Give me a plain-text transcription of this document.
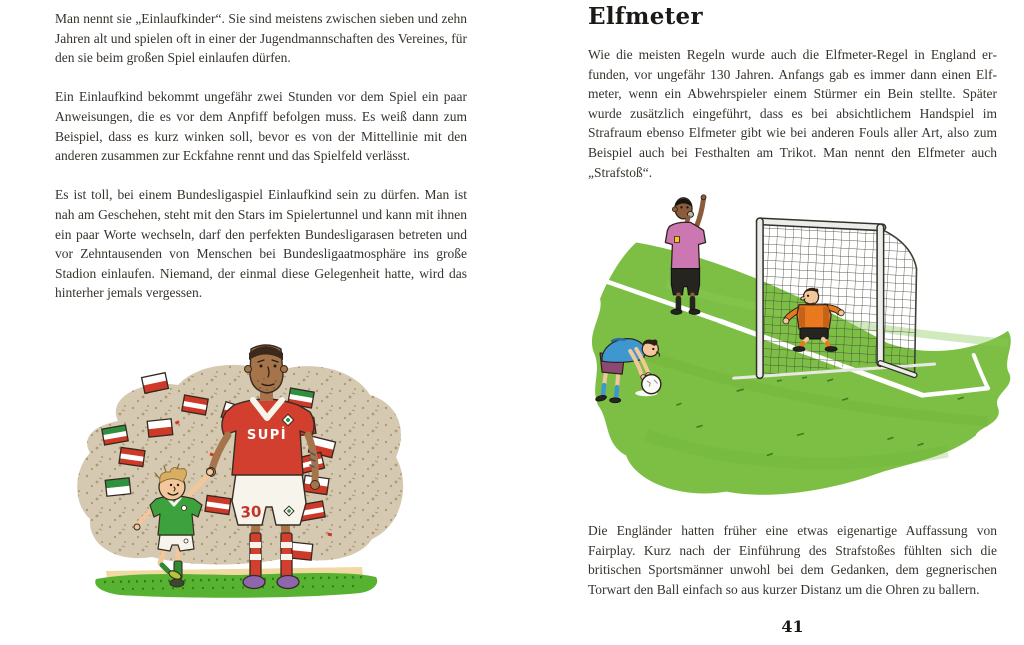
Man nennt sie „Einlaufkinder“. Sie sind meistens zwischen sieben und zehn Jahren alt und spielen oft in einer der Jugendmannschaften des Vereines, für den sie beim großen Spiel einlaufen dürfen.

Ein Einlaufkind bekommt ungefähr zwei Stunden vor dem Spiel ein paar Anweisungen, die es vor dem Anpfiff befolgen muss. Es weiß dann zum Beispiel, dass es kurz winken soll, bevor es von der Mittellinie mit den anderen zusammen zur Eckfahne rennt und das Spielfeld verlässt.

Es ist toll, bei einem Bundesligaspiel Einlaufkind sein zu dürfen. Man ist nah am Geschehen, steht mit den Stars im Spielertunnel und kann mit ihnen ein paar Worte wechseln, darf den perfekten Bundesligarasen betreten und vor Zehntausenden von Menschen bei Bundesligaatmosphäre ins große Stadion einlaufen. Niemand, der einmal diese Gelegenheit hatte, wird das hinterher jemals vergessen.

30
SUPİ
Elfmeter

Wie die meisten Regeln wurde auch die Elfmeter-Regel in England erfunden, vor ungefähr 130 Jahren. Anfangs gab es immer dann einen Elfmeter, wenn ein Abwehrspieler einem Stürmer ein Bein stellte. Später wurde zusätzlich eingeführt, dass es bei absichtlichem Handspiel im Strafraum ebenso Elfmeter gibt wie bei anderen Fouls aller Art, also zum Beispiel auch bei Festhalten am Trikot. Man nennt den Elfmeter auch „Strafstoß“.

Die Engländer hatten früher eine etwas eigenartige Auffassung von Fairplay. Kurz nach der Einführung des Strafstoßes fühlten sich die britischen Sportsmänner unwohl bei dem Gedanken, dem gegnerischen Torwart den Ball einfach so aus kurzer Distanz um die Ohren zu ballern.

41
